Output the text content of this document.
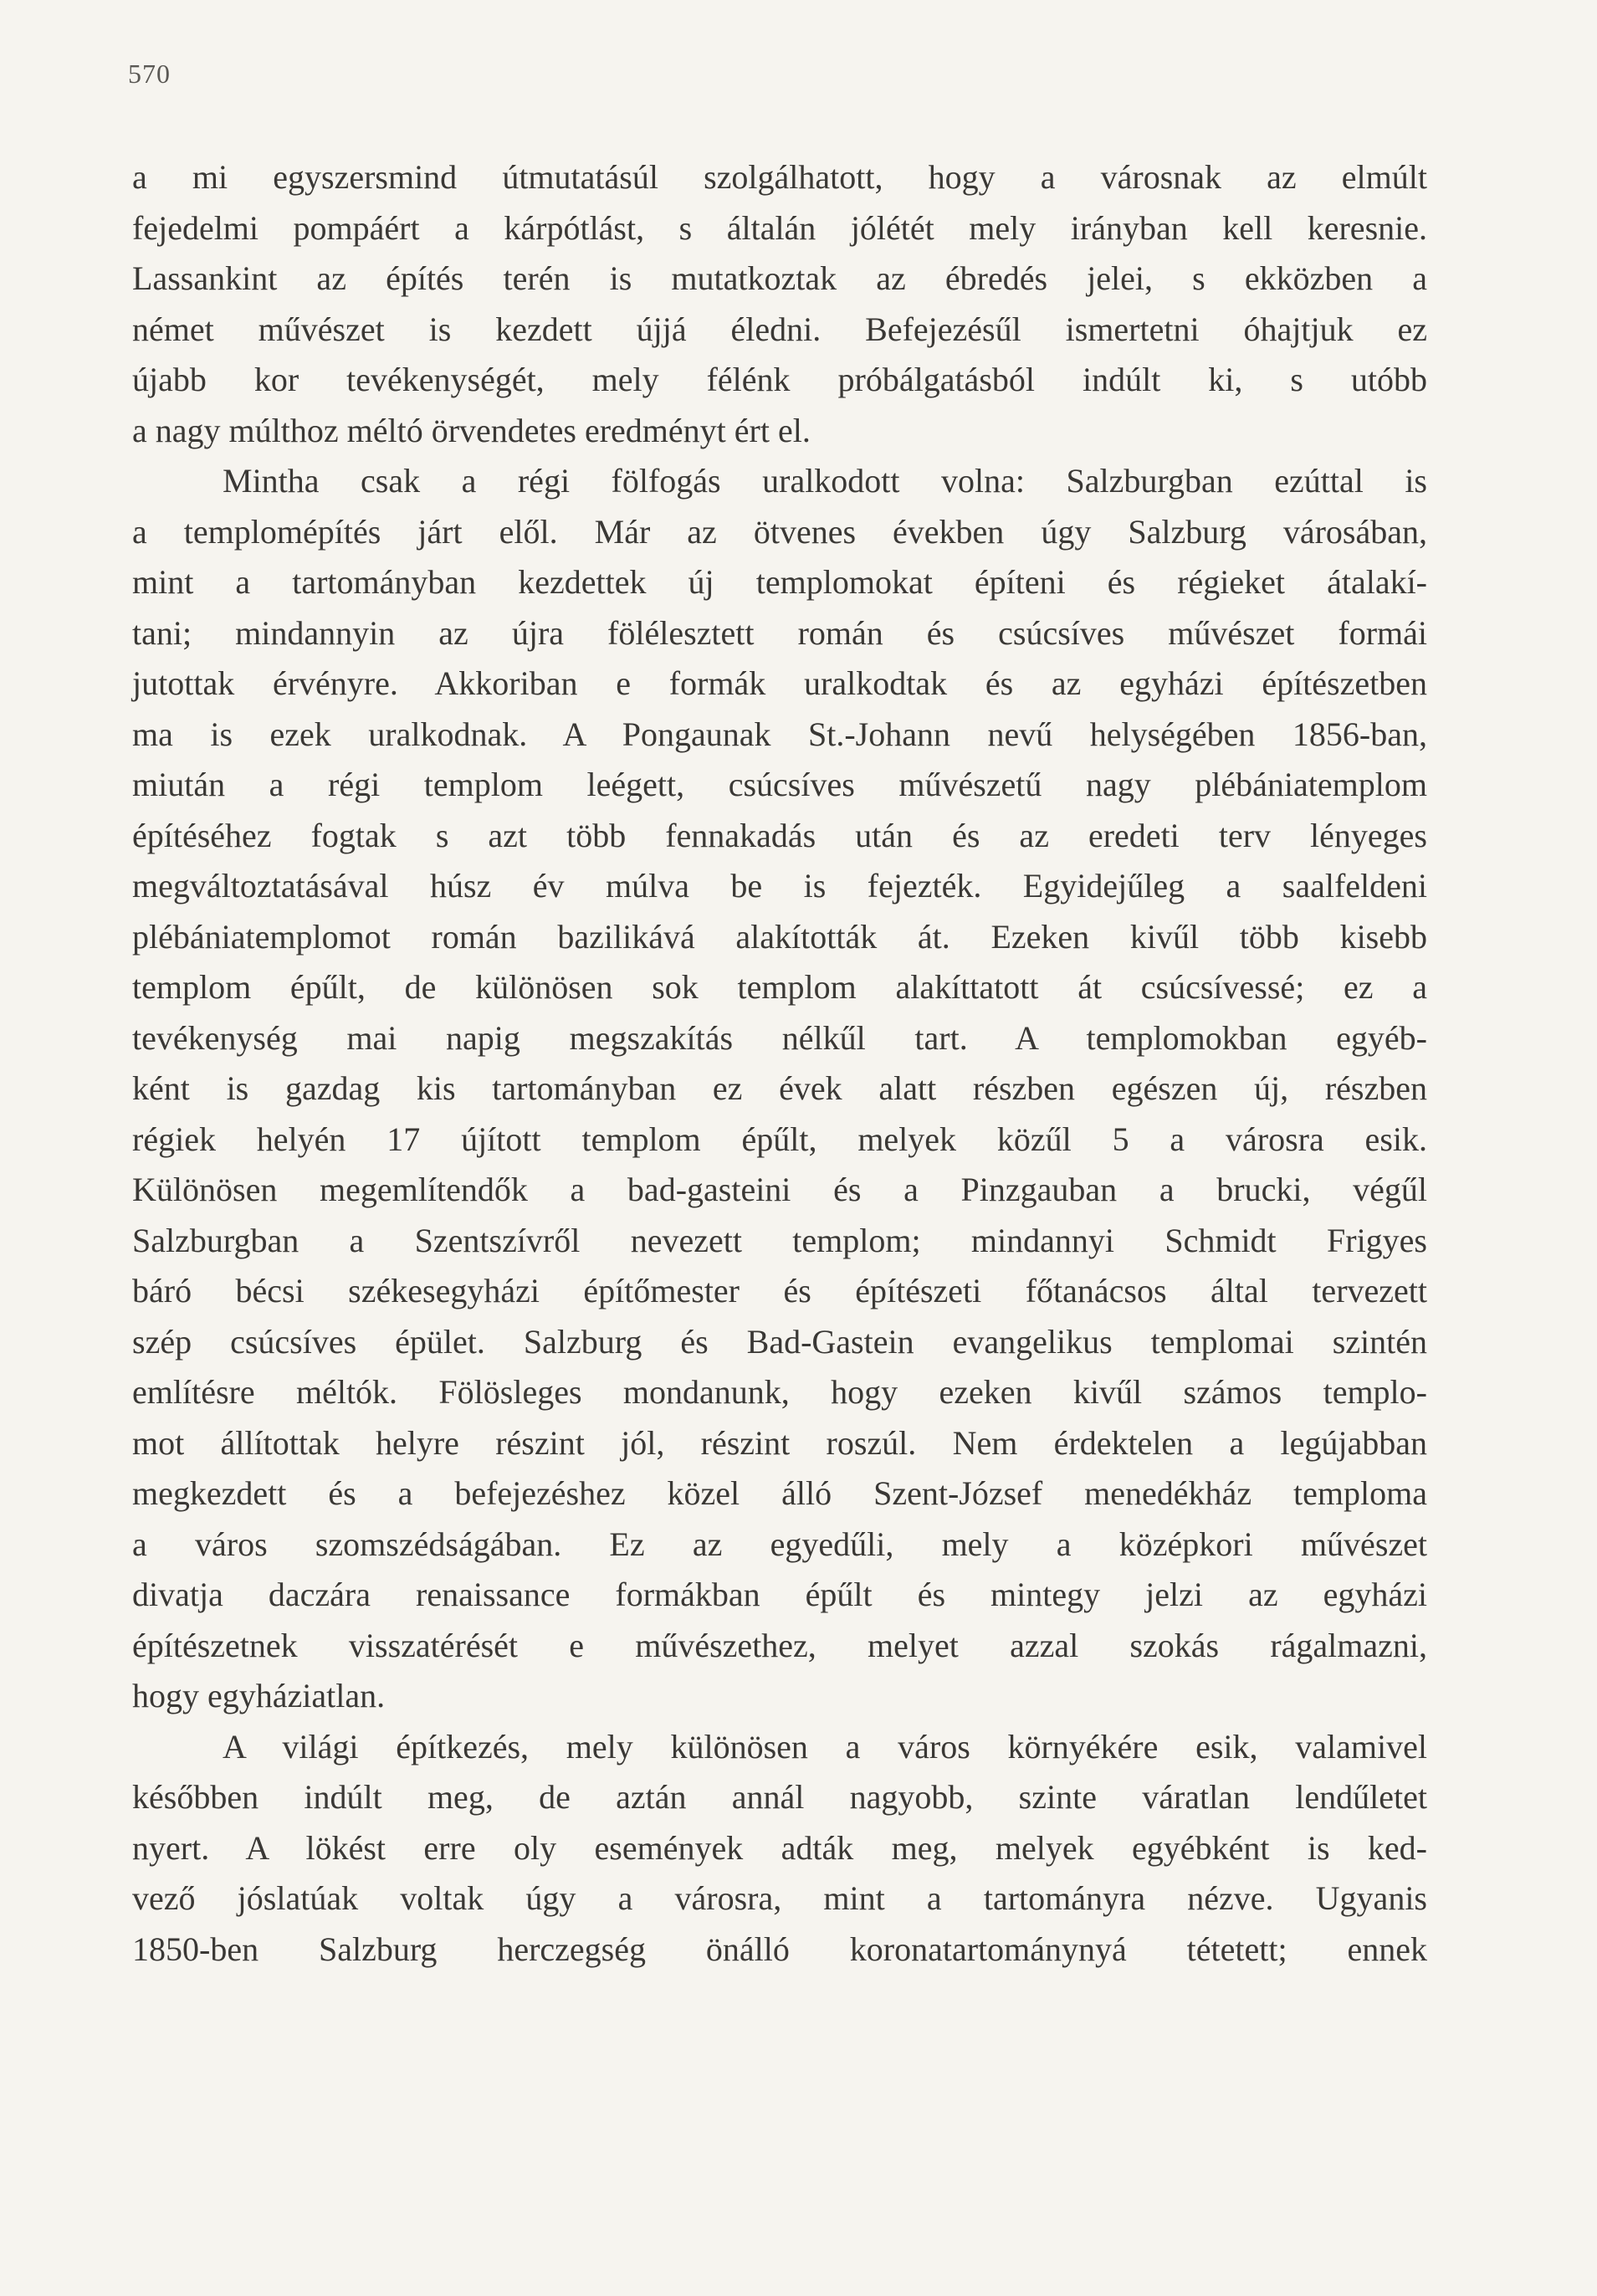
570
a mi egyszersmind útmutatásúl szolgálhatott, hogy a városnak az elmúlt
fejedelmi pompáért a kárpótlást, s általán jólétét mely irányban kell keresnie.
Lassankint az építés terén is mutatkoztak az ébredés jelei, s ekközben a
német művészet is kezdett újjá éledni. Befejezésűl ismertetni óhajtjuk ez
újabb kor tevékenységét, mely félénk próbálgatásból indúlt ki, s utóbb
a nagy múlthoz méltó örvendetes eredményt ért el.
Mintha csak a régi fölfogás uralkodott volna: Salzburgban ezúttal is
a templomépítés járt elől. Már az ötvenes években úgy Salzburg városában,
mint a tartományban kezdettek új templomokat építeni és régieket átalakí-
tani; mindannyin az újra fölélesztett román és csúcsíves művészet formái
jutottak érvényre. Akkoriban e formák uralkodtak és az egyházi építészetben
ma is ezek uralkodnak. A Pongaunak St.-Johann nevű helységében 1856-ban,
miután a régi templom leégett, csúcsíves művészetű nagy plébániatemplom
építéséhez fogtak s azt több fennakadás után és az eredeti terv lényeges
megváltoztatásával húsz év múlva be is fejezték. Egyidejűleg a saalfeldeni
plébániatemplomot román bazilikává alakították át. Ezeken kivűl több kisebb
templom épűlt, de különösen sok templom alakíttatott át csúcsívessé; ez a
tevékenység mai napig megszakítás nélkűl tart. A templomokban egyéb-
ként is gazdag kis tartományban ez évek alatt részben egészen új, részben
régiek helyén 17 újított templom épűlt, melyek közűl 5 a városra esik.
Különösen megemlítendők a bad-gasteini és a Pinzgauban a brucki, végűl
Salzburgban a Szentszívről nevezett templom; mindannyi Schmidt Frigyes
báró bécsi székesegyházi építőmester és építészeti főtanácsos által tervezett
szép csúcsíves épület. Salzburg és Bad-Gastein evangelikus templomai szintén
említésre méltók. Fölösleges mondanunk, hogy ezeken kivűl számos templo-
mot állítottak helyre részint jól, részint roszúl. Nem érdektelen a legújabban
megkezdett és a befejezéshez közel álló Szent-József menedékház temploma
a város szomszédságában. Ez az egyedűli, mely a középkori művészet
divatja daczára renaissance formákban épűlt és mintegy jelzi az egyházi
építészetnek visszatérését e művészethez, melyet azzal szokás rágalmazni,
hogy egyháziatlan.
A világi építkezés, mely különösen a város környékére esik, valamivel
későbben indúlt meg, de aztán annál nagyobb, szinte váratlan lendűletet
nyert. A lökést erre oly események adták meg, melyek egyébként is ked-
vező jóslatúak voltak úgy a városra, mint a tartományra nézve. Ugyanis
1850-ben Salzburg herczegség önálló koronatartománynyá tétetett; ennek
